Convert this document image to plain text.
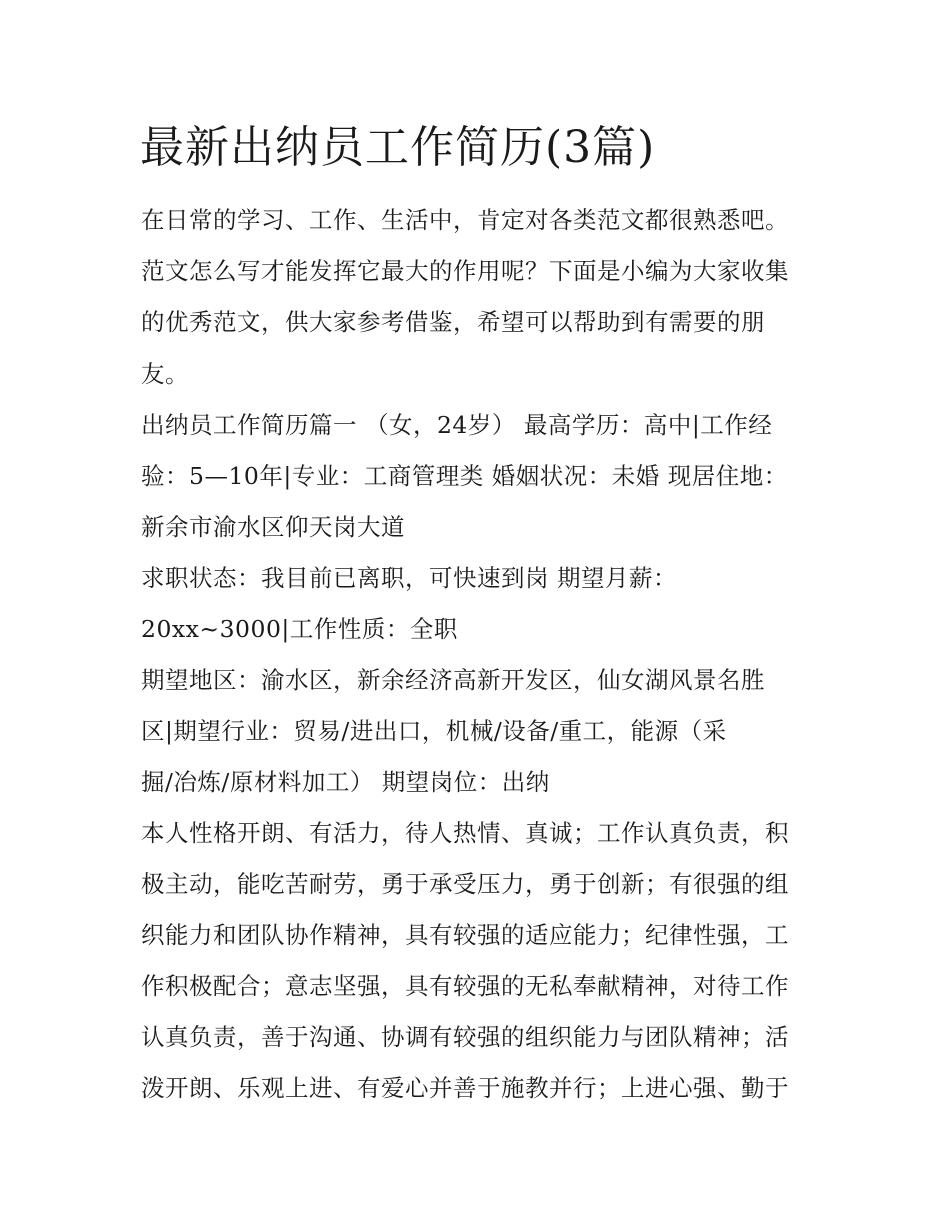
最新出纳员工作简历(3篇)

在日常的学习、工作、生活中，肯定对各类范文都很熟悉吧。

范文怎么写才能发挥它最大的作用呢？下面是小编为大家收集

的优秀范文，供大家参考借鉴，希望可以帮助到有需要的朋

友。

出纳员工作简历篇一 （女，24岁） 最高学历：高中|工作经

验：5—10年|专业：工商管理类 婚姻状况：未婚 现居住地：

新余市渝水区仰天岗大道

求职状态：我目前已离职，可快速到岗 期望月薪：

20xx~3000|工作性质：全职

期望地区：渝水区，新余经济高新开发区，仙女湖风景名胜

区|期望行业：贸易/进出口，机械/设备/重工，能源（采

掘/冶炼/原材料加工） 期望岗位：出纳

本人性格开朗、有活力，待人热情、真诚；工作认真负责，积

极主动，能吃苦耐劳，勇于承受压力，勇于创新；有很强的组

织能力和团队协作精神，具有较强的适应能力；纪律性强，工

作积极配合；意志坚强，具有较强的无私奉献精神，对待工作

认真负责，善于沟通、协调有较强的组织能力与团队精神；活

泼开朗、乐观上进、有爱心并善于施教并行；上进心强、勤于
